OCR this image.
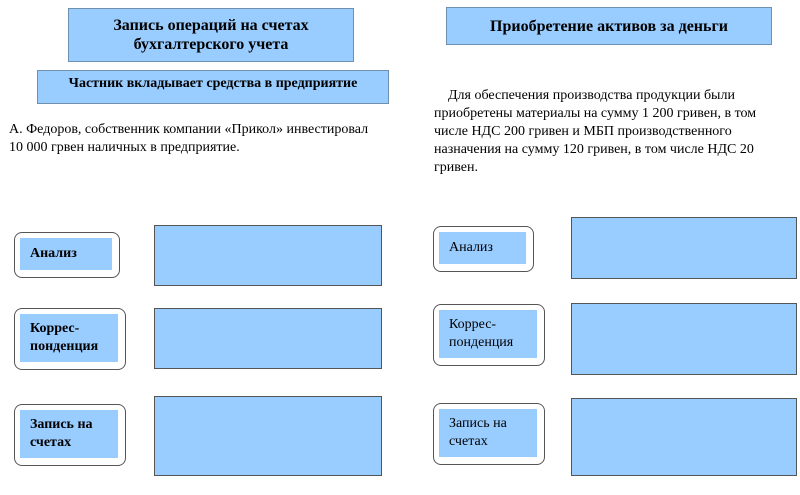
Запись операций на счетах
бухгалтерского учета
Частник вкладывает средства в предприятие

А. Федоров, собственник компании «Прикол» инвестировал 10 000 грвен наличных в предприятие.

Анализ
Коррес-
понденция
Запись на
счетах
Приобретение активов за деньги

Для обеспечения производства продукции были приобретены материалы на сумму 1 200 гривен, в том числе НДС 200 гривен и МБП производственного назначения на сумму 120 гривен, в том числе НДС 20 гривен.

Анализ
Коррес-
понденция
Запись на
счетах
